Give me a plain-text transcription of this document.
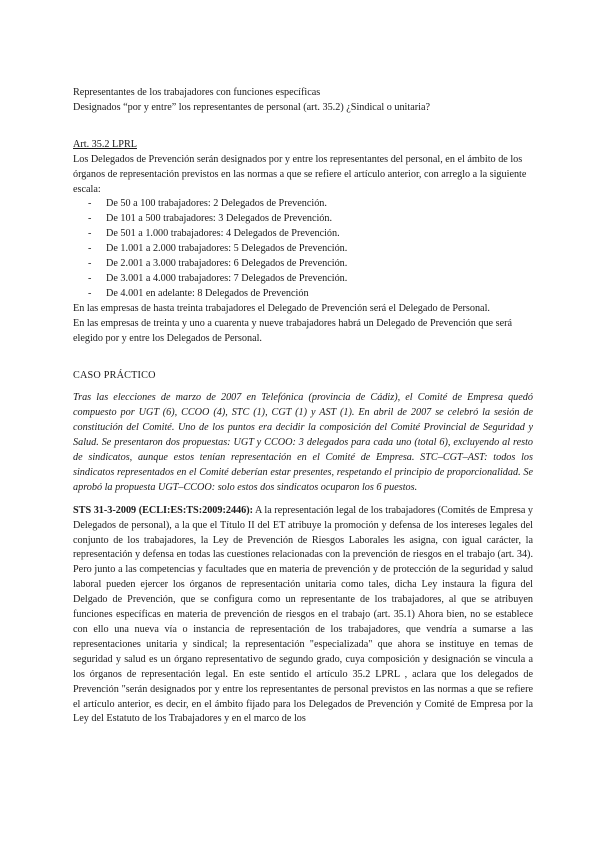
Representantes de los trabajadores con funciones específicas
Designados “por y entre” los representantes de personal (art. 35.2) ¿Sindical o unitaria?
Art. 35.2 LPRL

Los Delegados de Prevención serán designados por y entre los representantes del personal, en el ámbito de los órganos de representación previstos en las normas a que se refiere el artículo anterior, con arreglo a la siguiente escala:

- De 50 a 100 trabajadores: 2 Delegados de Prevención.
- De 101 a 500 trabajadores: 3 Delegados de Prevención.
- De 501 a 1.000 trabajadores: 4 Delegados de Prevención.
- De 1.001 a 2.000 trabajadores: 5 Delegados de Prevención.
- De 2.001 a 3.000 trabajadores: 6 Delegados de Prevención.
- De 3.001 a 4.000 trabajadores: 7 Delegados de Prevención.
- De 4.001 en adelante: 8 Delegados de Prevención

En las empresas de hasta treinta trabajadores el Delegado de Prevención será el Delegado de Personal.

En las empresas de treinta y uno a cuarenta y nueve trabajadores habrá un Delegado de Prevención que será elegido por y entre los Delegados de Personal.

CASO PRÁCTICO

Tras las elecciones de marzo de 2007 en Telefónica (provincia de Cádiz), el Comité de Empresa quedó compuesto por UGT (6), CCOO (4), STC (1), CGT (1) y AST (1). En abril de 2007 se celebró la sesión de constitución del Comité. Uno de los puntos era decidir la composición del Comité Provincial de Seguridad y Salud. Se presentaron dos propuestas: UGT y CCOO: 3 delegados para cada uno (total 6), excluyendo al resto de sindicatos, aunque estos tenían representación en el Comité de Empresa. STC–CGT–AST: todos los sindicatos representados en el Comité deberían estar presentes, respetando el principio de proporcionalidad. Se aprobó la propuesta UGT–CCOO: solo estos dos sindicatos ocuparon los 6 puestos.

STS 31-3-2009 (ECLI:ES:TS:2009:2446): A la representación legal de los trabajadores (Comités de Empresa y Delegados de personal), a la que el Título II del ET atribuye la promoción y defensa de los intereses legales del conjunto de los trabajadores, la Ley de Prevención de Riesgos Laborales les asigna, con igual carácter, la representación y defensa en todas las cuestiones relacionadas con la prevención de riesgos en el trabajo (art. 34). Pero junto a las competencias y facultades que en materia de prevención y de protección de la seguridad y salud laboral pueden ejercer los órganos de representación unitaria como tales, dicha Ley instaura la figura del Delgado de Prevención, que se configura como un representante de los trabajadores, al que se atribuyen funciones específicas en materia de prevención de riesgos en el trabajo (art. 35.1) Ahora bien, no se establece con ello una nueva vía o instancia de representación de los trabajadores, que vendría a sumarse a las representaciones unitaria y sindical; la representación "especializada" que ahora se instituye en temas de seguridad y salud es un órgano representativo de segundo grado, cuya composición y designación se vincula a los órganos de representación legal. En este sentido el artículo 35.2 LPRL , aclara que los delegados de Prevención "serán designados por y entre los representantes de personal previstos en las normas a que se refiere el artículo anterior, es decir, en el ámbito fijado para los Delegados de Prevención y Comité de Empresa por la Ley del Estatuto de los Trabajadores y en el marco de los
